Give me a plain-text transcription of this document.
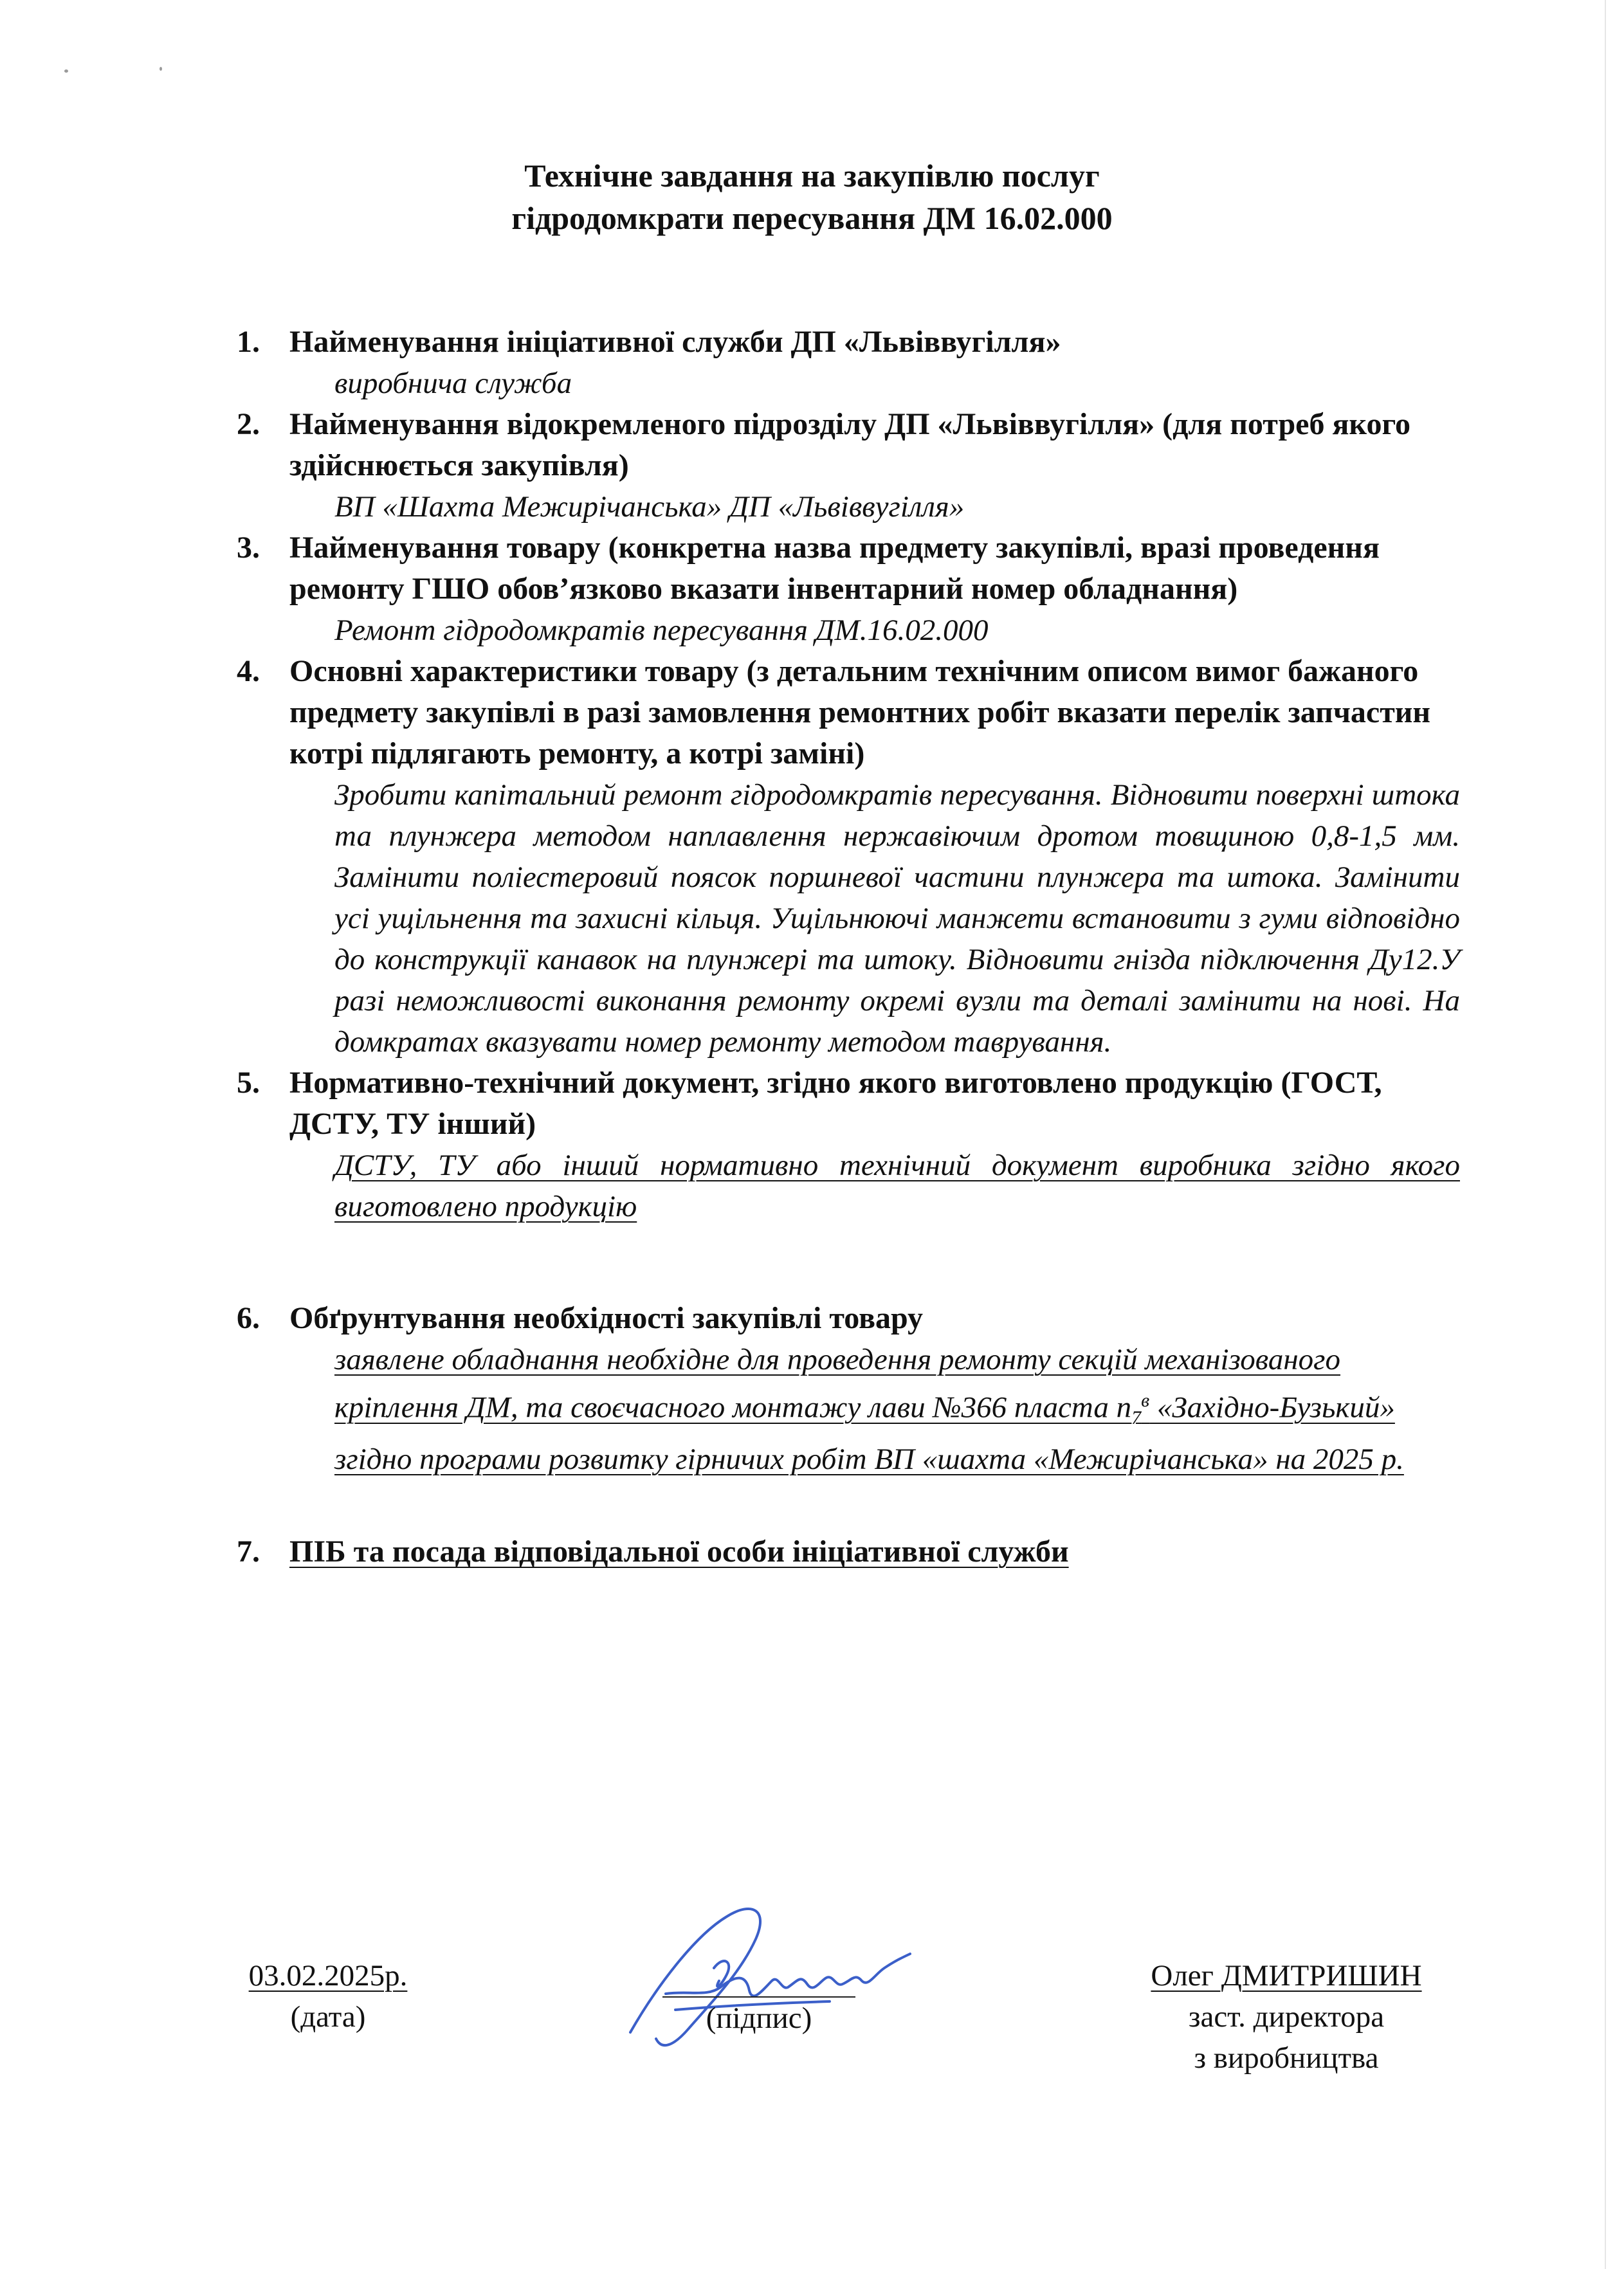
Технічне завдання на закупівлю послуг
гідродомкрати пересування ДМ 16.02.000
1. Найменування ініціативної служби ДП «Львіввугілля»
виробнича служба
2. Найменування відокремленого підрозділу ДП «Львіввугілля» (для потреб якого здійснюється закупівля)
ВП «Шахта Межирічанська» ДП «Львіввугілля»
3. Найменування товару (конкретна назва предмету закупівлі, вразі проведення ремонту ГШО обов’язково вказати інвентарний номер обладнання)
Ремонт гідродомкратів пересування ДМ.16.02.000
4. Основні характеристики товару (з детальним технічним описом вимог бажаного предмету закупівлі в разі замовлення ремонтних робіт вказати перелік запчастин котрі підлягають ремонту, а котрі заміні)
Зробити капітальний ремонт гідродомкратів пересування. Відновити поверхні штока та плунжера методом наплавлення нержавіючим дротом товщиною 0,8-1,5 мм. Замінити поліестеровий поясок поршневої частини плунжера та штока. Замінити усі ущільнення та захисні кільця. Ущільнюючі манжети встановити з гуми відповідно до конструкції канавок на плунжері та штоку. Відновити гнізда підключення Ду12.У разі неможливості виконання ремонту окремі вузли та деталі замінити на нові. На домкратах вказувати номер ремонту методом таврування.
5. Нормативно-технічний документ, згідно якого виготовлено продукцію (ГОСТ, ДСТУ, ТУ інший)
ДСТУ, ТУ або інший нормативно технічний документ виробника згідно якого виготовлено продукцію
6. Обґрунтування необхідності закупівлі товару
заявлене обладнання необхідне для проведення ремонту секцій механізованого кріплення ДМ, та своєчасного монтажу лави №366 пласта $n_7^в$ «Західно-Бузький» згідно програми розвитку гірничих робіт ВП «шахта «Межирічанська» на 2025 р.
7. ПІБ та посада відповідальної особи ініціативної служби
03.02.2025р.
(дата)	(підпис)
Олег ДМИТРИШИН
заст. директора
з виробництва
